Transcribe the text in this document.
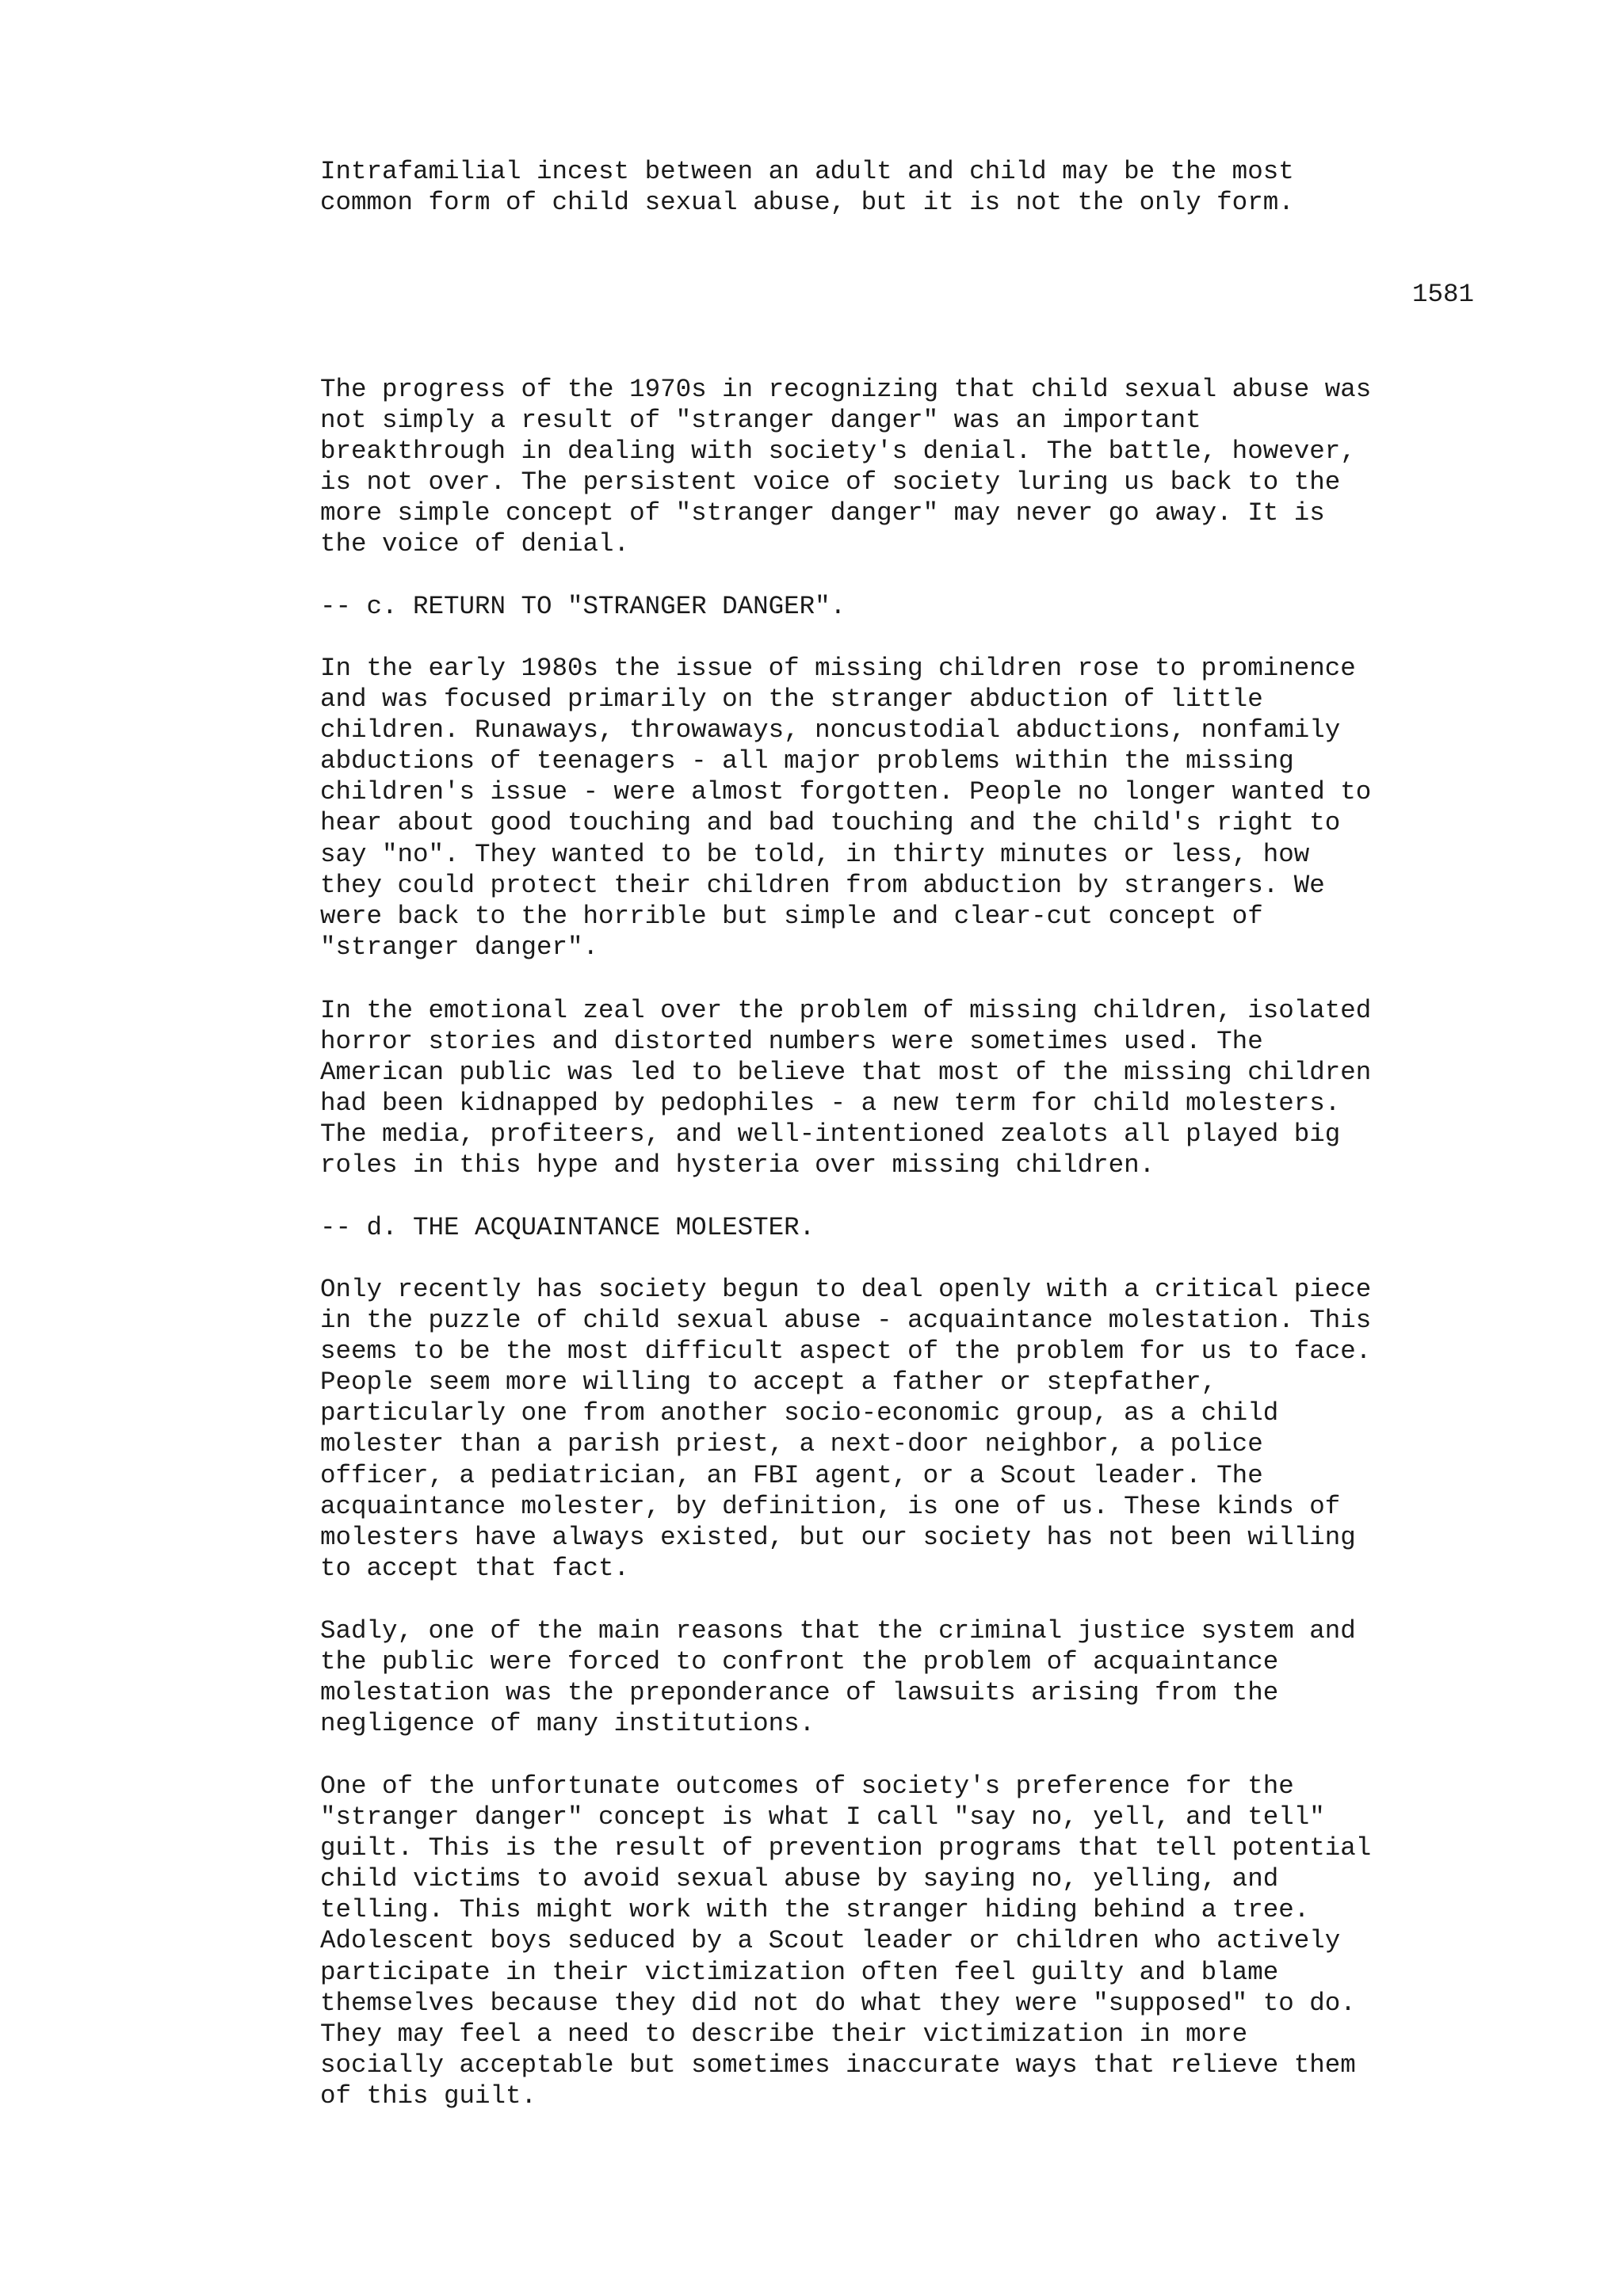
Intrafamilial incest between an adult and child may be the most
common form of child sexual abuse, but it is not the only form.

1581

The progress of the 1970s in recognizing that child sexual abuse was
not simply a result of "stranger danger" was an important
breakthrough in dealing with society's denial. The battle, however,
is not over. The persistent voice of society luring us back to the
more simple concept of "stranger danger" may never go away. It is
the voice of denial.

-- c. RETURN TO "STRANGER DANGER".

In the early 1980s the issue of missing children rose to prominence
and was focused primarily on the stranger abduction of little
children. Runaways, throwaways, noncustodial abductions, nonfamily
abductions of teenagers - all major problems within the missing
children's issue - were almost forgotten. People no longer wanted to
hear about good touching and bad touching and the child's right to
say "no". They wanted to be told, in thirty minutes or less, how
they could protect their children from abduction by strangers. We
were back to the horrible but simple and clear-cut concept of
"stranger danger".

In the emotional zeal over the problem of missing children, isolated
horror stories and distorted numbers were sometimes used. The
American public was led to believe that most of the missing children
had been kidnapped by pedophiles - a new term for child molesters.
The media, profiteers, and well-intentioned zealots all played big
roles in this hype and hysteria over missing children.

-- d. THE ACQUAINTANCE MOLESTER.

Only recently has society begun to deal openly with a critical piece
in the puzzle of child sexual abuse - acquaintance molestation. This
seems to be the most difficult aspect of the problem for us to face.
People seem more willing to accept a father or stepfather,
particularly one from another socio-economic group, as a child
molester than a parish priest, a next-door neighbor, a police
officer, a pediatrician, an FBI agent, or a Scout leader. The
acquaintance molester, by definition, is one of us. These kinds of
molesters have always existed, but our society has not been willing
to accept that fact.

Sadly, one of the main reasons that the criminal justice system and
the public were forced to confront the problem of acquaintance
molestation was the preponderance of lawsuits arising from the
negligence of many institutions.

One of the unfortunate outcomes of society's preference for the
"stranger danger" concept is what I call "say no, yell, and tell"
guilt. This is the result of prevention programs that tell potential
child victims to avoid sexual abuse by saying no, yelling, and
telling. This might work with the stranger hiding behind a tree.
Adolescent boys seduced by a Scout leader or children who actively
participate in their victimization often feel guilty and blame
themselves because they did not do what they were "supposed" to do.
They may feel a need to describe their victimization in more
socially acceptable but sometimes inaccurate ways that relieve them
of this guilt.
